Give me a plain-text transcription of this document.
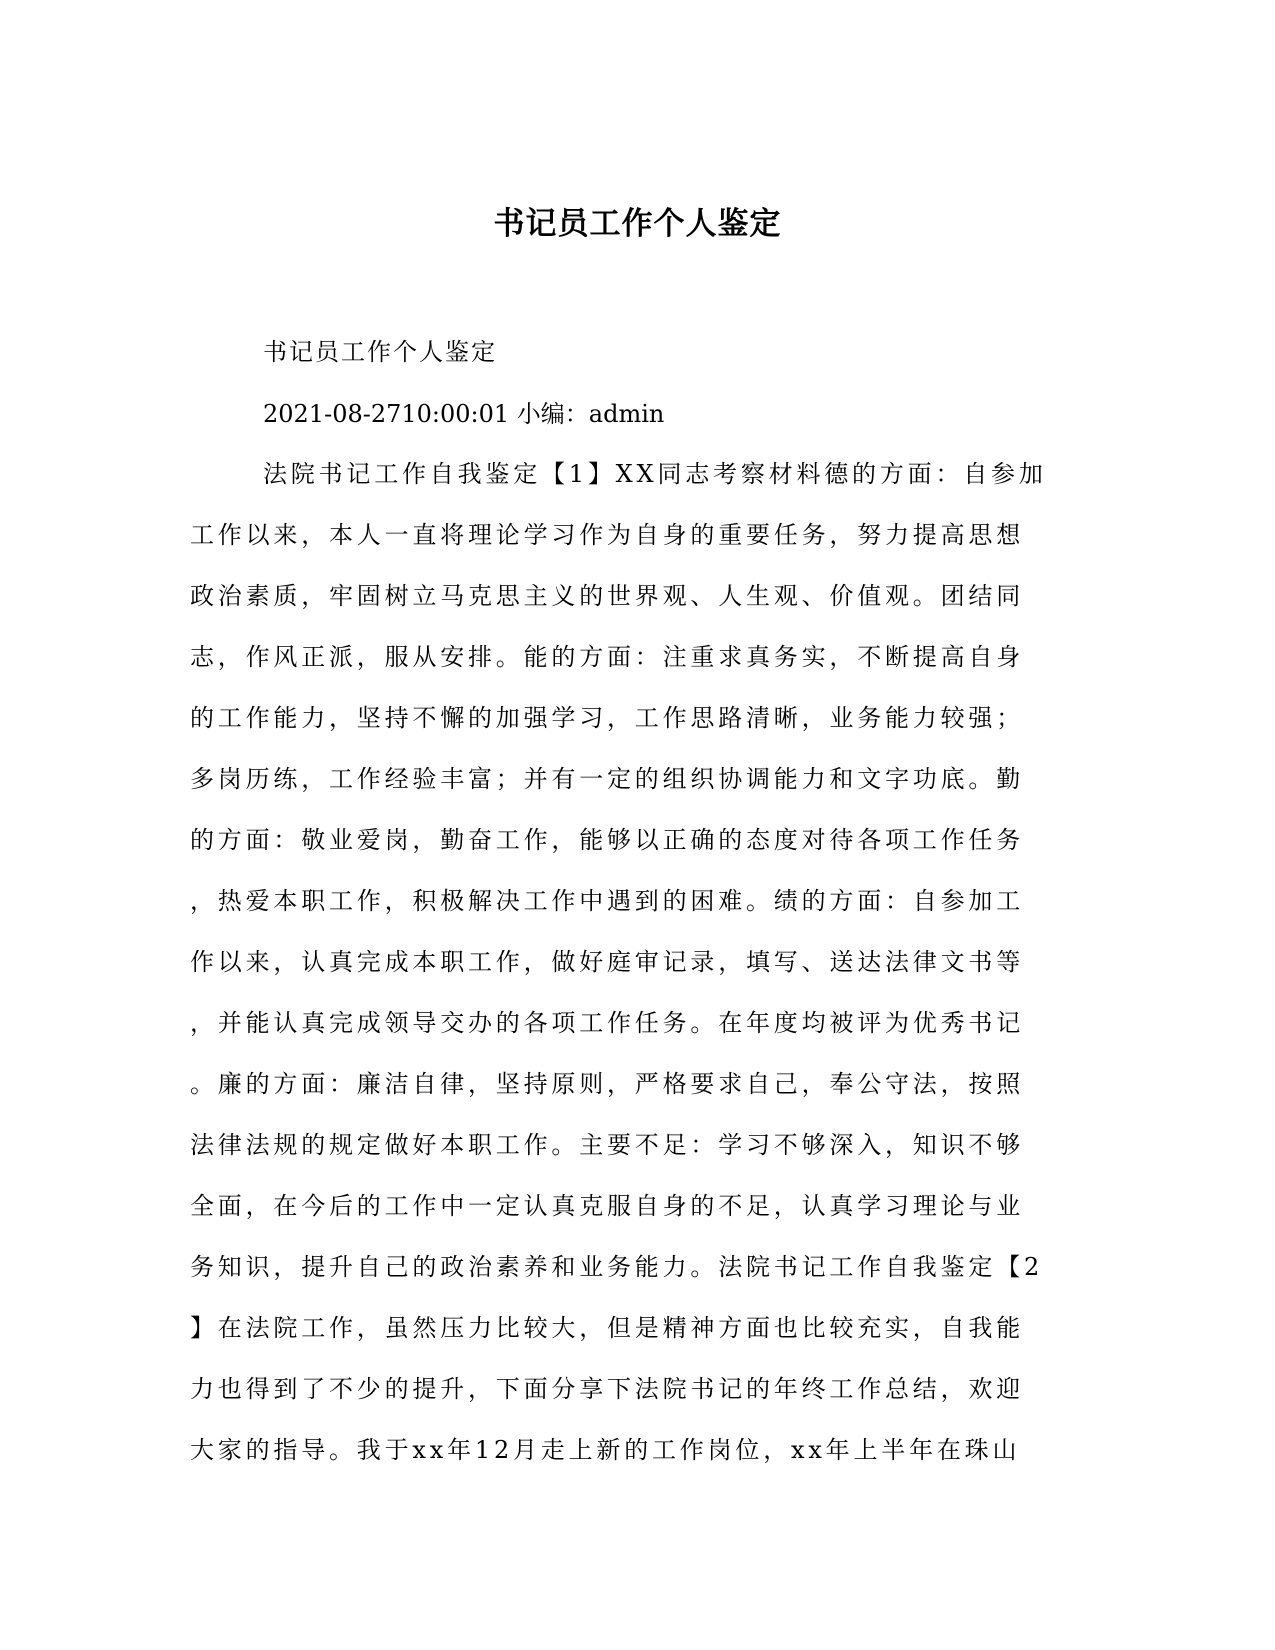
书记员工作个人鉴定
书记员工作个人鉴定
2021-08-2710:00:01 小编：admin
法院书记工作自我鉴定【1】XX同志考察材料德的方面：自参加
工作以来，本人一直将理论学习作为自身的重要任务，努力提高思想
政治素质，牢固树立马克思主义的世界观、人生观、价值观。团结同
志，作风正派，服从安排。能的方面：注重求真务实，不断提高自身
的工作能力，坚持不懈的加强学习，工作思路清晰，业务能力较强；
多岗历练，工作经验丰富；并有一定的组织协调能力和文字功底。勤
的方面：敬业爱岗，勤奋工作，能够以正确的态度对待各项工作任务
，热爱本职工作，积极解决工作中遇到的困难。绩的方面：自参加工
作以来，认真完成本职工作，做好庭审记录，填写、送达法律文书等
，并能认真完成领导交办的各项工作任务。在年度均被评为优秀书记
。廉的方面：廉洁自律，坚持原则，严格要求自己，奉公守法，按照
法律法规的规定做好本职工作。主要不足：学习不够深入，知识不够
全面，在今后的工作中一定认真克服自身的不足，认真学习理论与业
务知识，提升自己的政治素养和业务能力。法院书记工作自我鉴定【2
】在法院工作，虽然压力比较大，但是精神方面也比较充实，自我能
力也得到了不少的提升，下面分享下法院书记的年终工作总结，欢迎
大家的指导。我于xx年12月走上新的工作岗位，xx年上半年在珠山
